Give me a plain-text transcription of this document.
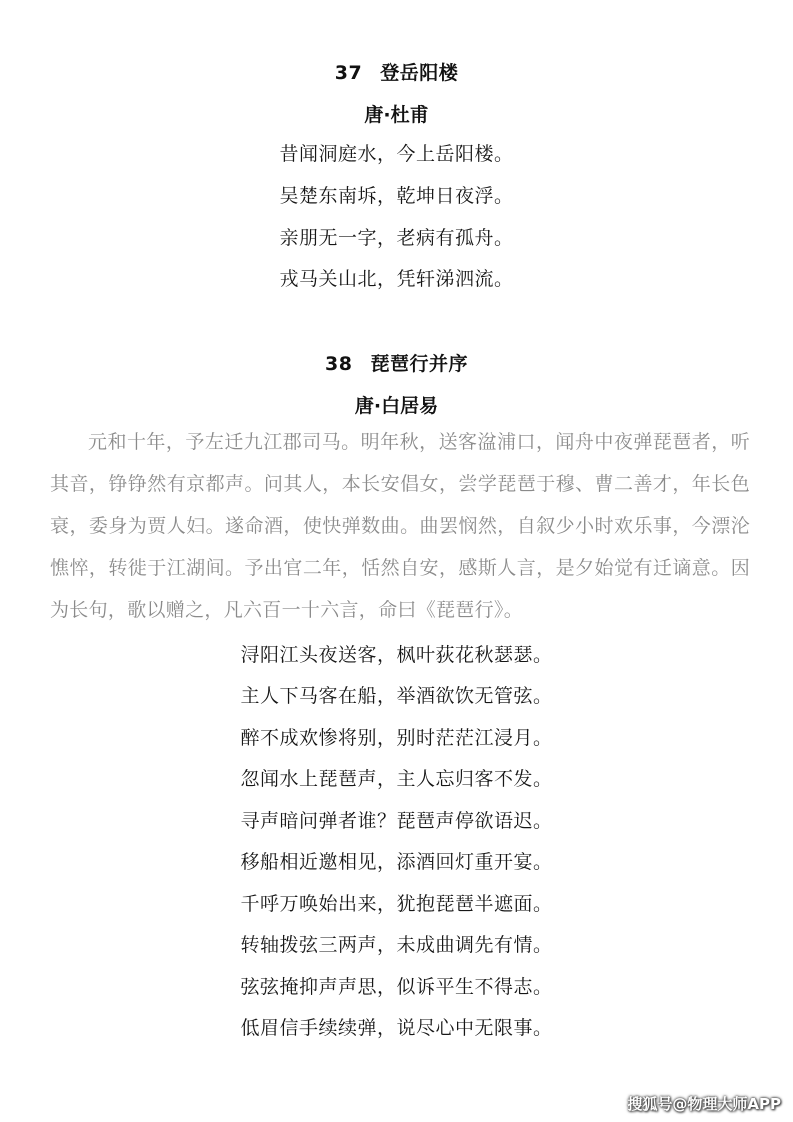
37 登岳阳楼
唐·杜甫
昔闻洞庭水，今上岳阳楼。
吴楚东南坼，乾坤日夜浮。
亲朋无一字，老病有孤舟。
戎马关山北，凭轩涕泗流。
38 琵琶行并序
唐·白居易

元和十年，予左迁九江郡司马。明年秋，送客湓浦口，闻舟中夜弹琵琶者，听其音，铮铮然有京都声。问其人，本长安倡女，尝学琵琶于穆、曹二善才，年长色衰，委身为贾人妇。遂命酒，使快弹数曲。曲罢悯然，自叙少小时欢乐事，今漂沦憔悴，转徙于江湖间。予出官二年，恬然自安，感斯人言，是夕始觉有迁谪意。因为长句，歌以赠之，凡六百一十六言，命曰《琵琶行》。

浔阳江头夜送客，枫叶荻花秋瑟瑟。
主人下马客在船，举酒欲饮无管弦。
醉不成欢惨将别，别时茫茫江浸月。
忽闻水上琵琶声，主人忘归客不发。
寻声暗问弹者谁？琵琶声停欲语迟。
移船相近邀相见，添酒回灯重开宴。
千呼万唤始出来，犹抱琵琶半遮面。
转轴拨弦三两声，未成曲调先有情。
弦弦掩抑声声思，似诉平生不得志。
低眉信手续续弹，说尽心中无限事。
搜狐号@物理大师APP
